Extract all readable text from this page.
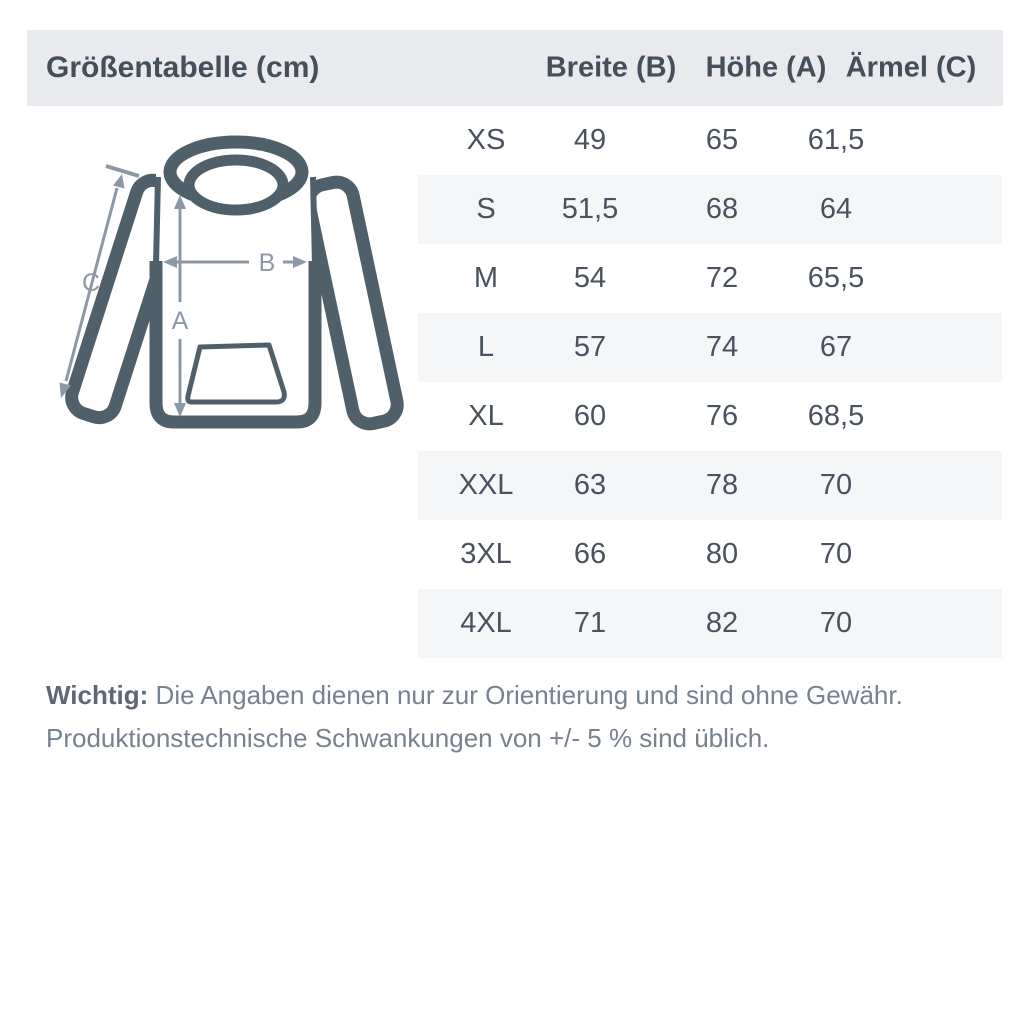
Größentabelle (cm)	Breite (B)	Höhe (A) Ärmel (C)
C
A
B
XS	49	65	61,5
S	51,5	68	64
M	54	72	65,5
L	57	74	67
XL	60	76	68,5
XXL	63	78	70
3XL	66	80	70
4XL	71	82	70
Wichtig: Die Angaben dienen nur zur Orientierung und sind ohne Gewähr.
Produktionstechnische Schwankungen von +/- 5 % sind üblich.
